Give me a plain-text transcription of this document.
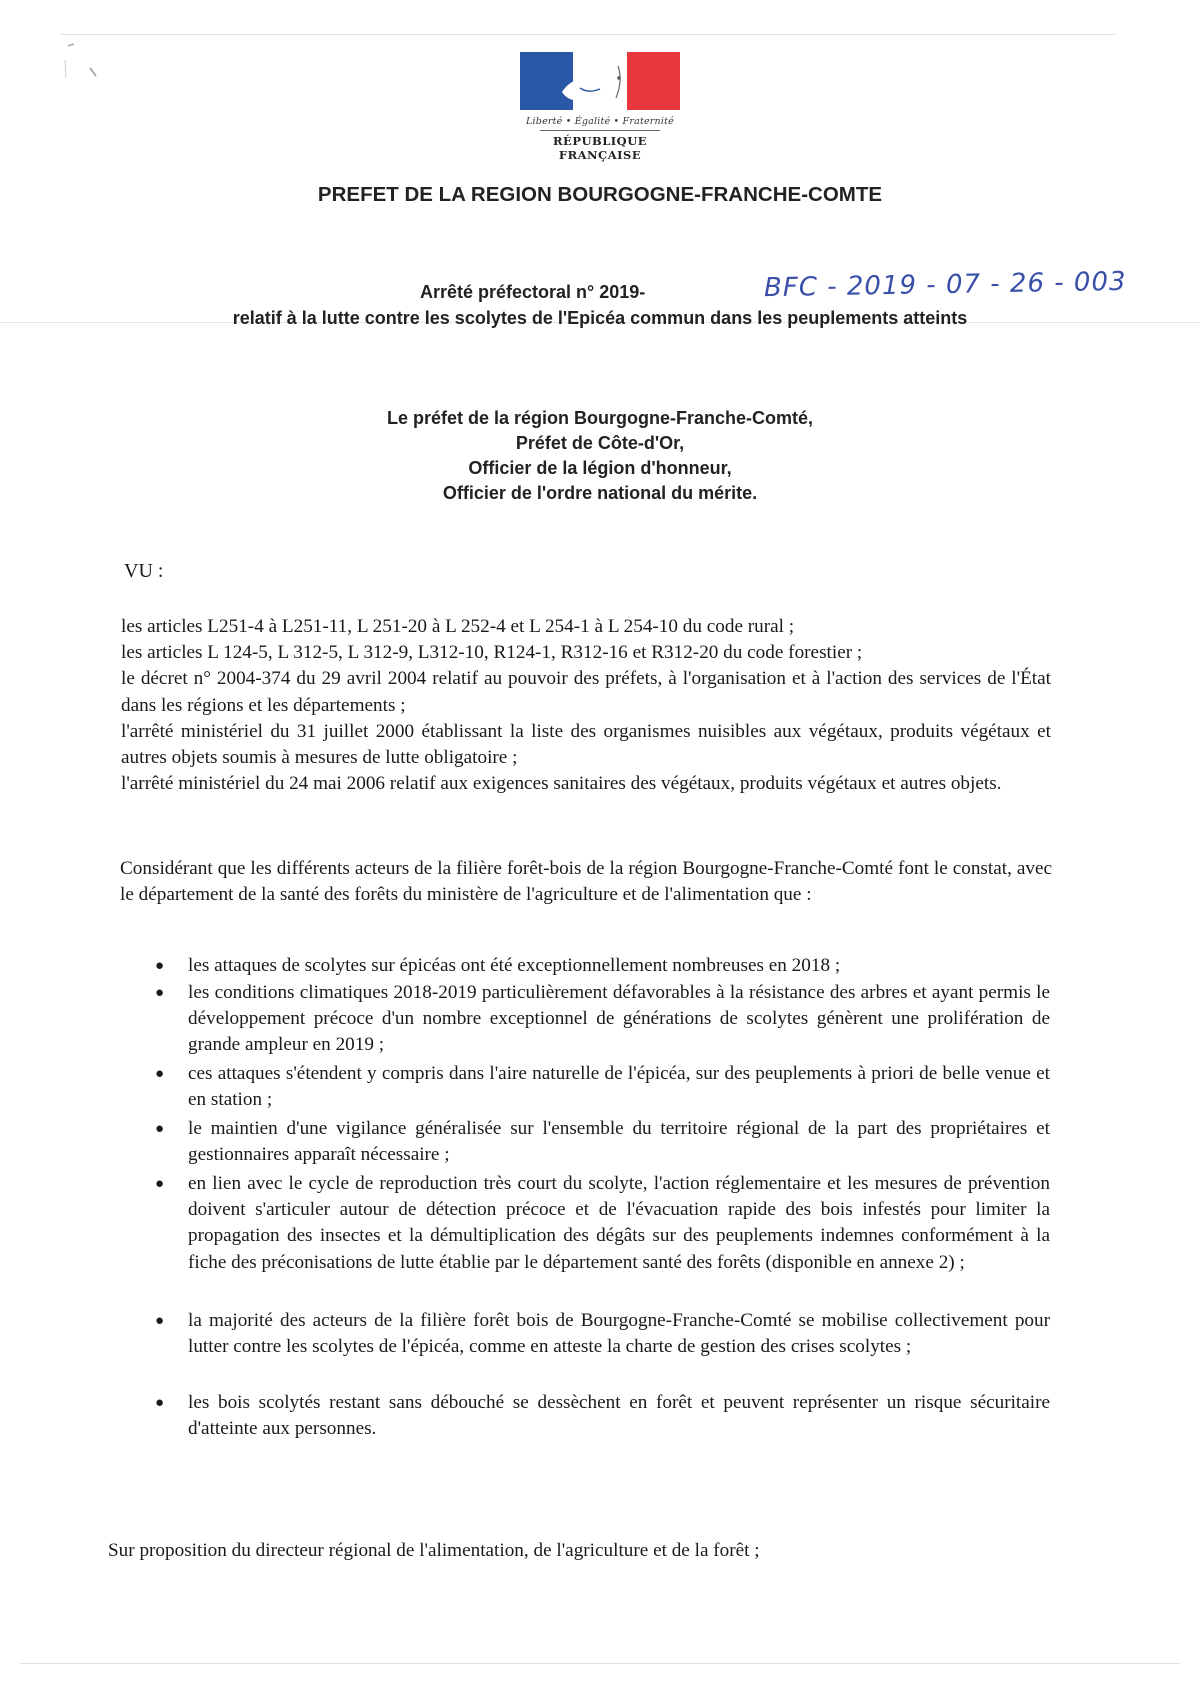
Liberté • Égalité • Fraternité
RÉPUBLIQUE FRANÇAISE
PREFET DE LA REGION BOURGOGNE-FRANCHE-COMTE
Arrêté préfectoral n° 2019-	BFC - 2019 - 07 - 26 - 003
relatif à la lutte contre les scolytes de l'Epicéa commun dans les peuplements atteints
Le préfet de la région Bourgogne-Franche-Comté,
Préfet de Côte-d'Or,
Officier de la légion d'honneur,
Officier de l'ordre national du mérite.
VU :

les articles L251-4 à L251-11, L 251-20 à L 252-4 et L 254-1 à L 254-10 du code rural ;

les articles L 124-5, L 312-5, L 312-9, L312-10, R124-1, R312-16 et R312-20 du code forestier ;

le décret n° 2004-374 du 29 avril 2004 relatif au pouvoir des préfets, à l'organisation et à l'action des services de l'État dans les régions et les départements ;

l'arrêté ministériel du 31 juillet 2000 établissant la liste des organismes nuisibles aux végétaux, produits végétaux et autres objets soumis à mesures de lutte obligatoire ;

l'arrêté ministériel du 24 mai 2006 relatif aux exigences sanitaires des végétaux, produits végétaux et autres objets.

Considérant que les différents acteurs de la filière forêt-bois de la région Bourgogne-Franche-Comté font le constat, avec le département de la santé des forêts du ministère de l'agriculture et de l'alimentation que :
● les attaques de scolytes sur épicéas ont été exceptionnellement nombreuses en 2018 ;
● les conditions climatiques 2018-2019 particulièrement défavorables à la résistance des arbres et ayant permis le développement précoce d'un nombre exceptionnel de générations de scolytes génèrent une prolifération de grande ampleur en 2019 ;
● ces attaques s'étendent y compris dans l'aire naturelle de l'épicéa, sur des peuplements à priori de belle venue et en station ;
● le maintien d'une vigilance généralisée sur l'ensemble du territoire régional de la part des propriétaires et gestionnaires apparaît nécessaire ;
● en lien avec le cycle de reproduction très court du scolyte, l'action réglementaire et les mesures de prévention doivent s'articuler autour de détection précoce et de l'évacuation rapide des bois infestés pour limiter la propagation des insectes et la démultiplication des dégâts sur des peuplements indemnes conformément à la fiche des préconisations de lutte établie par le département santé des forêts (disponible en annexe 2) ;
● la majorité des acteurs de la filière forêt bois de Bourgogne-Franche-Comté se mobilise collectivement pour lutter contre les scolytes de l'épicéa, comme en atteste la charte de gestion des crises scolytes ;
● les bois scolytés restant sans débouché se dessèchent en forêt et peuvent représenter un risque sécuritaire d'atteinte aux personnes.
Sur proposition du directeur régional de l'alimentation, de l'agriculture et de la forêt ;
